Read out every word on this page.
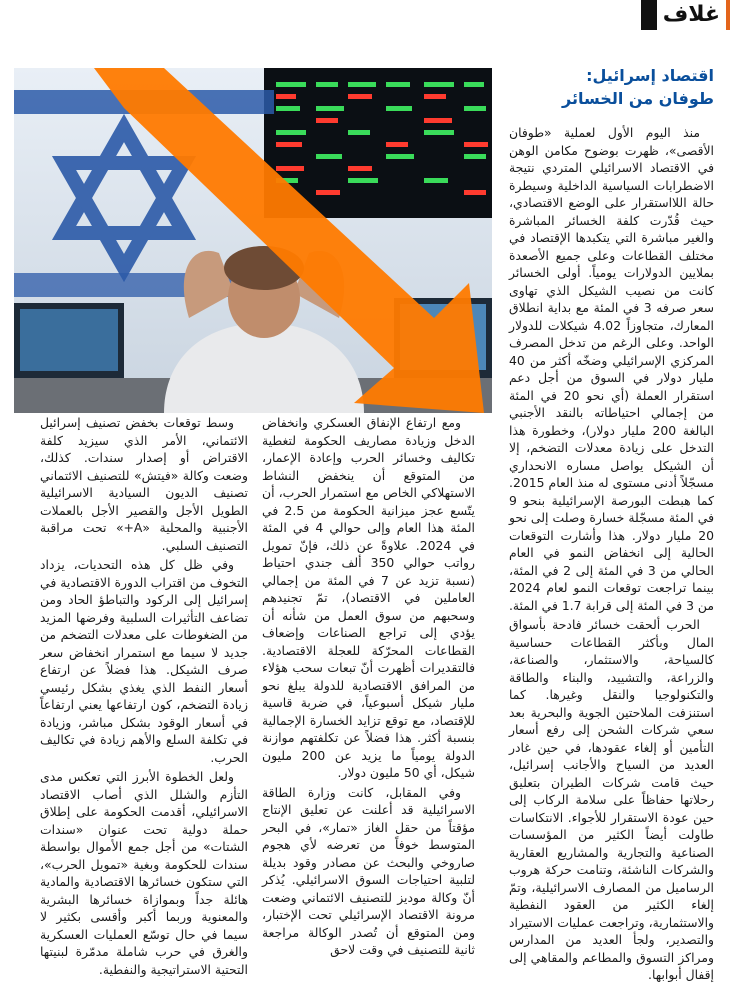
غلاف

اقتصاد إسرائيل:

طوفان من الخسائر

منذ اليوم الأول لعملية «طوفان الأقصى»، ظهرت بوضوح مكامن الوهن في الاقتصاد الاسرائيلي المتردي نتيجة الاضطرابات السياسية الداخلية وسيطرة حالة اللااستقرار على الوضع الاقتصادي، حيث قُدّرت كلفة الخسائر المباشرة والغير مباشرة التي يتكبدها الإقتصاد في مختلف القطاعات وعلى جميع الأصعدة بملايين الدولارات يومياً. أولى الخسائر كانت من نصيب الشيكل الذي تهاوى سعر صرفه 3 في المئة مع بداية انطلاق المعارك، متجاوزاً 4.02 شيكلات للدولار الواحد. وعلى الرغم من تدخل المصرف المركزي الإسرائيلي وضخّه أكثر من 40 مليار دولار في السوق من أجل دعم استقرار العملة (أي نحو 20 في المئة من إجمالي احتياطاته بالنقد الأجنبي البالغة 200 مليار دولار)، وخطورة هذا التدخل على زيادة معدلات التضخم، إلا أن الشيكل يواصل مساره الانحداري مسجّلاً أدنى مستوى له منذ العام 2015. كما هبطت البورصة الإسرائيلية بنحو 9 في المئة مسجّلة خسارة وصلت إلى نحو 20 مليار دولار. هذا وأشارت التوقعات الحالية إلى انخفاض النمو في العام الحالي من 3 في المئة إلى 2 في المئة، بينما تراجعت توقعات النمو لعام 2024 من 3 في المئة إلى قرابة 1.7 في المئة.

الحرب ألحقت خسائر فادحة بأسواق المال وبأكثر القطاعات حساسية كالسياحة، والاستثمار، والصناعة، والزراعة، والتشييد، والبناء والطاقة والتكنولوجيا والنقل وغيرها. كما استنزفت الملاحتين الجوية والبحرية بعد سعي شركات الشحن إلى رفع أسعار التأمين أو إلغاء عقودها، في حين غادر العديد من السياح والأجانب إسرائيل، حيث قامت شركات الطيران بتعليق رحلاتها حفاظاً على سلامة الركاب إلى حين عودة الاستقرار للأجواء. الانتكاسات طاولت أيضاً الكثير من المؤسسات الصناعية والتجارية والمشاريع العقارية والشركات الناشئة، وتنامت حركة هروب الرساميل من المصارف الاسرائيلية، وتمّ إلغاء الكثير من العقود النفطية والاستثمارية، وتراجعت عمليات الاستيراد والتصدير، ولجأ العديد من المدارس ومراكز التسوق والمطاعم والمقاهي إلى إقفال أبوابها.

ومع ارتفاع الإنفاق العسكري وانخفاض الدخل وزيادة مصاريف الحكومة لتغطية تكاليف وخسائر الحرب وإعادة الإعمار، من المتوقع أن ينخفض النشاط الاستهلاكي الخاص مع استمرار الحرب، أن يتّسع عجز ميزانية الحكومة من 2.5 في المئة هذا العام وإلى حوالي 4 في المئة في 2024. علاوةً عن ذلك، فإنّ تمويل رواتب حوالي 350 ألف جندي احتياط (نسبة تزيد عن 7 في المئة من إجمالي العاملين في الاقتصاد)، تمّ تجنيدهم وسحبهم من سوق العمل من شأنه أن يؤدي إلى تراجع الصناعات وإضعاف القطاعات المحرّكة للعجلة الاقتصادية. فالتقديرات أظهرت أنّ تبعات سحب هؤلاء من المرافق الاقتصادية للدولة يبلغ نحو مليار شيكل أسبوعياً، في ضربة قاسية للإقتصاد، مع توقع تزايد الخسارة الإجمالية بنسبة أكثر. هذا فضلاً عن تكلفتهم موازنة الدولة يومياً ما يزيد عن 200 مليون شيكل، أي 50 مليون دولار.

وفي المقابل، كانت وزارة الطاقة الاسرائيلية قد أعلنت عن تعليق الإنتاج مؤقتاً من حقل الغاز «تمار»، في البحر المتوسط خوفاً من تعرضه لأي هجوم صاروخي والبحث عن مصادر وقود بديلة لتلبية احتياجات السوق الاسرائيلي. يُذكر أنّ وكالة موديز للتصنيف الائتماني وضعت مرونة الاقتصاد الإسرائيلي تحت الإختبار، ومن المتوقع أن تُصدر الوكالة مراجعة ثانية للتصنيف في وقت لاحق

وسط توقعات بخفض تصنيف إسرائيل الائتماني، الأمر الذي سيزيد كلفة الاقتراض أو إصدار سندات. كذلك، وضعت وكالة «فيتش» للتصنيف الائتماني تصنيف الديون السيادية الاسرائيلية الطويل الأجل والقصير الأجل بالعملات الأجنبية والمحلية «A+» تحت مراقبة التصنيف السلبي.

وفي ظل كل هذه التحديات، يزداد التخوف من اقتراب الدورة الاقتصادية في إسرائيل إلى الركود والتباطؤ الحاد ومن تضاعف التأثيرات السلبية وفرضها المزيد من الضغوطات على معدلات التضخم من جديد لا سيما مع استمرار انخفاض سعر صرف الشيكل. هذا فضلاً عن ارتفاع أسعار النفط الذي يغذي بشكل رئيسي زيادة التضخم، كون ارتفاعها يعني ارتفاعاً في أسعار الوقود بشكل مباشر، وزيادة في تكلفة السلع والأهم زيادة في تكاليف الحرب.

ولعل الخطوة الأبرز التي تعكس مدى التأزم والشلل الذي أصاب الاقتصاد الاسرائيلي، أقدمت الحكومة على إطلاق حملة دولية تحت عنوان «سندات الشتات» من أجل جمع الأموال بواسطة سندات للحكومة وبغية «تمويل الحرب»، التي ستكون خسائرها الاقتصادية والمادية هائلة جداً وبموازاة خسائرها البشرية والمعنوية وربما أكبر وأقسى بكثير لا سيما في حال توسّع العمليات العسكرية والغرق في حرب شاملة مدمّرة لبنيتها التحتية الاستراتيجية والنفطية.
